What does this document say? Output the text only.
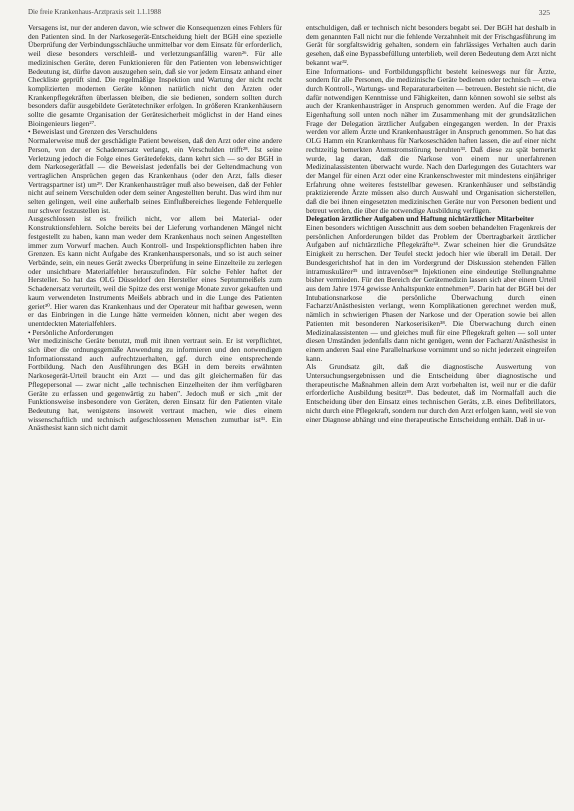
Die freie Krankenhaus-Arztpraxis seit 1.1.1988	325

Versagens ist, nur der anderen davon, wie schwer die Konsequenzen eines Fehlers für den Patienten sind. In der Narkosegerät-Entscheidung hielt der BGH eine spezielle Überprüfung der Verbindungsschläuche unmittelbar vor dem Einsatz für erforderlich, weil diese besonders verschleiß- und verletzungsanfällig waren²⁶. Für alle medizinischen Geräte, deren Funktionieren für den Patienten von lebenswichtiger Bedeutung ist, dürfte davon auszugehen sein, daß sie vor jedem Einsatz anhand einer Checkliste geprüft sind. Die regelmäßige Inspektion und Wartung der nicht recht komplizierten modernen Geräte können natürlich nicht den Ärzten oder Krankenpflegekräften überlassen bleiben, die sie bedienen, sondern sollten durch besonders dafür ausgebildete Gerätetechniker erfolgen. In größeren Krankenhäusern sollte die gesamte Organisation der Gerätesicherheit möglichst in der Hand eines Bioingenieurs liegen²⁷.

• Beweislast und Grenzen des Verschuldens

Normalerweise muß der geschädigte Patient beweisen, daß den Arzt oder eine andere Person, von der er Schadenersatz verlangt, ein Verschulden trifft²⁸. Ist seine Verletzung jedoch die Folge eines Gerätedefekts, dann kehrt sich — so der BGH in dem Narkosegerätfall — die Beweislast jedenfalls bei der Geltendmachung von vertraglichen Ansprüchen gegen das Krankenhaus (oder den Arzt, falls dieser Vertragspartner ist) um²⁹. Der Krankenhausträger muß also beweisen, daß der Fehler nicht auf seinem Verschulden oder dem seiner Angestellten beruht. Das wird ihm nur selten gelingen, weil eine außerhalb seines Einflußbereiches liegende Fehlerquelle nur schwer festzustellen ist.

Ausgeschlossen ist es freilich nicht, vor allem bei Material- oder Konstruktionsfehlern. Solche bereits bei der Lieferung vorhandenen Mängel nicht festgestellt zu haben, kann man weder dem Krankenhaus noch seinen Angestellten immer zum Vorwurf machen. Auch Kontroll- und Inspektionspflichten haben ihre Grenzen. Es kann nicht Aufgabe des Krankenhauspersonals, und so ist auch seiner Verbände, sein, ein neues Gerät zwecks Überprüfung in seine Einzelteile zu zerlegen oder unsichtbare Materialfehler herauszufinden. Für solche Fehler haftet der Hersteller. So hat das OLG Düsseldorf den Hersteller eines Septummeißels zum Schadenersatz verurteilt, weil die Spitze des erst wenige Monate zuvor gekauften und kaum verwendeten Instruments Meißels abbrach und in die Lunge des Patienten geriet³⁰. Hier waren das Krankenhaus und der Operateur mit haftbar gewesen, wenn er das Einbringen in die Lunge hätte vermeiden können, nicht aber wegen des unentdeckten Materialfehlers.

• Persönliche Anforderungen

Wer medizinische Geräte benutzt, muß mit ihnen vertraut sein. Er ist verpflichtet, sich über die ordnungsgemäße Anwendung zu informieren und den notwendigen Informationsstand auch aufrechtzuerhalten, ggf. durch eine entsprechende Fortbildung. Nach den Ausführungen des BGH in dem bereits erwähnten Narkosegerät-Urteil braucht ein Arzt — und das gilt gleichermaßen für das Pflegepersonal — zwar nicht „alle technischen Einzelheiten der ihm verfügbaren Geräte zu erfassen und gegenwärtig zu haben". Jedoch muß er sich „mit der Funktionsweise insbesondere von Geräten, deren Einsatz für den Patienten vitale Bedeutung hat, wenigstens insoweit vertraut machen, wie dies einem wissenschaftlich und technisch aufgeschlossenen Menschen zumutbar ist³¹. Ein Anästhesist kann sich nicht damit

entschuldigen, daß er technisch nicht besonders begabt sei. Der BGH hat deshalb in dem genannten Fall nicht nur die fehlende Verzahnheit mit der Frischgasführung im Gerät für sorgfaltswidrig gehalten, sondern ein fahrlässiges Verhalten auch darin gesehen, daß eine Bypassbefüllung unterblieb, weil deren Bedeutung dem Arzt nicht bekannt war³².

Eine Informations- und Fortbildungspflicht besteht keineswegs nur für Ärzte, sondern für alle Personen, die medizinische Geräte bedienen oder technisch — etwa durch Kontroll-, Wartungs- und Reparaturarbeiten — betreuen. Besteht sie nicht, die dafür notwendigen Kenntnisse und Fähigkeiten, dann können sowohl sie selbst als auch der Krankenhausträger in Anspruch genommen werden. Auf die Frage der Eigenhaftung soll unten noch näher im Zusammenhang mit der grundsätzlichen Frage der Delegation ärztlicher Aufgaben eingegangen werden. In der Praxis werden vor allem Ärzte und Krankenhausträger in Anspruch genommen. So hat das OLG Hamm ein Krankenhaus für Narkoseschäden haften lassen, die auf einer nicht rechtzeitig bemerkten Atemstromstörung beruhten³³. Daß diese zu spät bemerkt wurde, lag daran, daß die Narkose von einem nur unerfahrenen Medizinalassistenten überwacht wurde. Nach den Darlegungen des Gutachters war der Mangel für einen Arzt oder eine Krankenschwester mit mindestens einjähriger Erfahrung ohne weiteres feststellbar gewesen. Krankenhäuser und selbständig praktizierende Ärzte müssen also durch Auswahl und Organisation sicherstellen, daß die bei ihnen eingesetzten medizinischen Geräte nur von Personen bedient und betreut werden, die über die notwendige Ausbildung verfügen.

Delegation ärztlicher Aufgaben und Haftung nichtärztlicher Mitarbeiter

Einen besonders wichtigen Ausschnitt aus dem soeben behandelten Fragenkreis der persönlichen Anforderungen bildet das Problem der Übertragbarkeit ärztlicher Aufgaben auf nichtärztliche Pflegekräfte³⁴. Zwar scheinen hier die Grundsätze Einigkeit zu herrschen. Der Teufel steckt jedoch hier wie überall im Detail. Der Bundesgerichtshof hat in den im Vordergrund der Diskussion stehenden Fällen intramuskulärer³⁵ und intravenöser³⁶ Injektionen eine eindeutige Stellungnahme bisher vermieden. Für den Bereich der Gerätemedizin lassen sich aber einem Urteil aus dem Jahre 1974 gewisse Anhaltspunkte entnehmen³⁷. Darin hat der BGH bei der Intubationsnarkose die persönliche Überwachung durch einen Facharzt/Anästhesisten verlangt, wenn Komplikationen gerechnet werden muß, nämlich in schwierigen Phasen der Narkose und der Operation sowie bei allen Patienten mit besonderen Narkoserisiken³⁸. Die Überwachung durch einen Medizinalassistenten — und gleiches muß für eine Pflegekraft gelten — soll unter diesen Umständen jedenfalls dann nicht genügen, wenn der Facharzt/Anästhesist in einem anderen Saal eine Parallelnarkose vornimmt und so nicht jederzeit eingreifen kann.

Als Grundsatz gilt, daß die diagnostische Auswertung von Untersuchungsergebnissen und die Entscheidung über diagnostische und therapeutische Maßnahmen allein dem Arzt vorbehalten ist, weil nur er die dafür erforderliche Ausbildung besitzt³⁹. Das bedeutet, daß im Normalfall auch die Entscheidung über den Einsatz eines technischen Geräts, z.B. eines Defibrillators, nicht durch eine Pflegekraft, sondern nur durch den Arzt erfolgen kann, weil sie von einer Diagnose abhängt und eine therapeutische Entscheidung enthält. Daß in ur-
